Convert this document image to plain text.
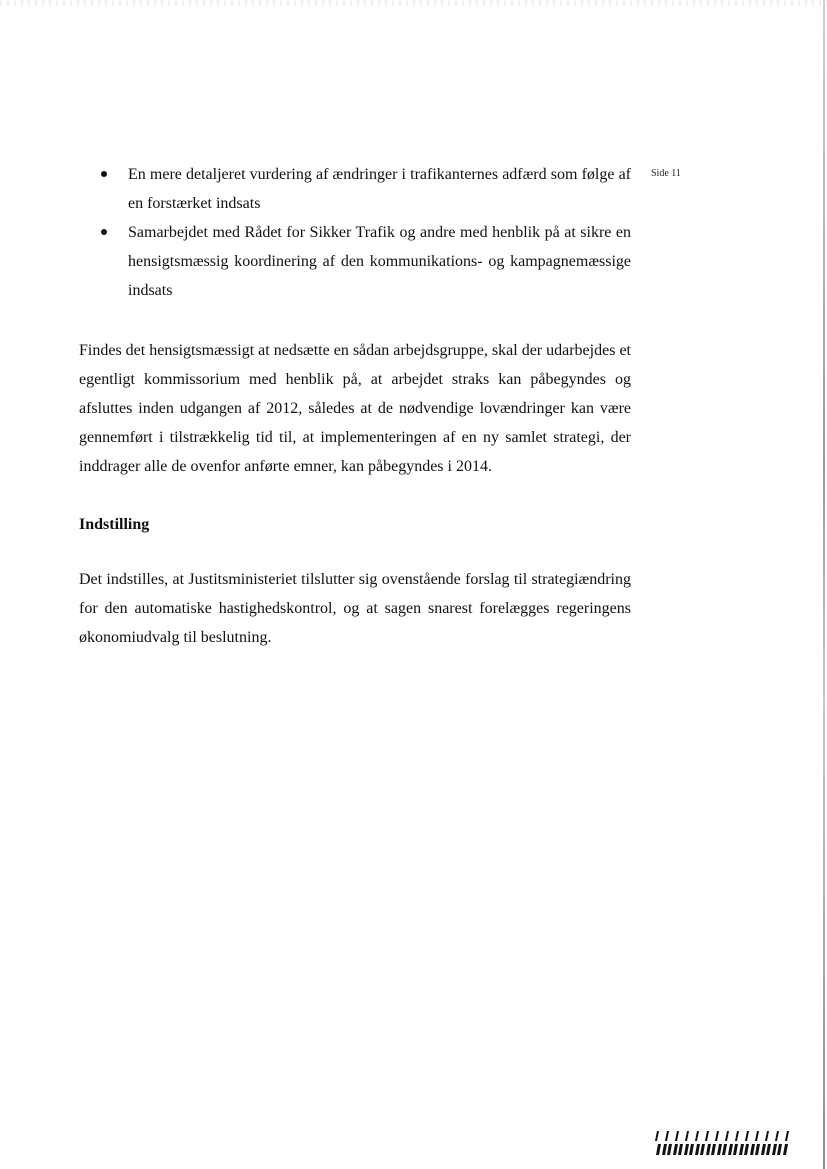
Side 11
En mere detaljeret vurdering af ændringer i trafikanternes adfærd som følge af en forstærket indsats
Samarbejdet med Rådet for Sikker Trafik og andre med henblik på at sikre en hensigtsmæssig koordinering af den kommunikations- og kampagnemæssige indsats

Findes det hensigtsmæssigt at nedsætte en sådan arbejdsgruppe, skal der udarbejdes et egentligt kommissorium med henblik på, at arbejdet straks kan påbegyndes og afsluttes inden udgangen af 2012, således at de nødvendige lovændringer kan være gennemført i tilstrækkelig tid til, at implementeringen af en ny samlet strategi, der inddrager alle de ovenfor anførte emner, kan påbegyndes i 2014.

Indstilling

Det indstilles, at Justitsministeriet tilslutter sig ovenstående forslag til strategiændring for den automatiske hastighedskontrol, og at sagen snarest forelægges regeringens økonomiudvalg til beslutning.
